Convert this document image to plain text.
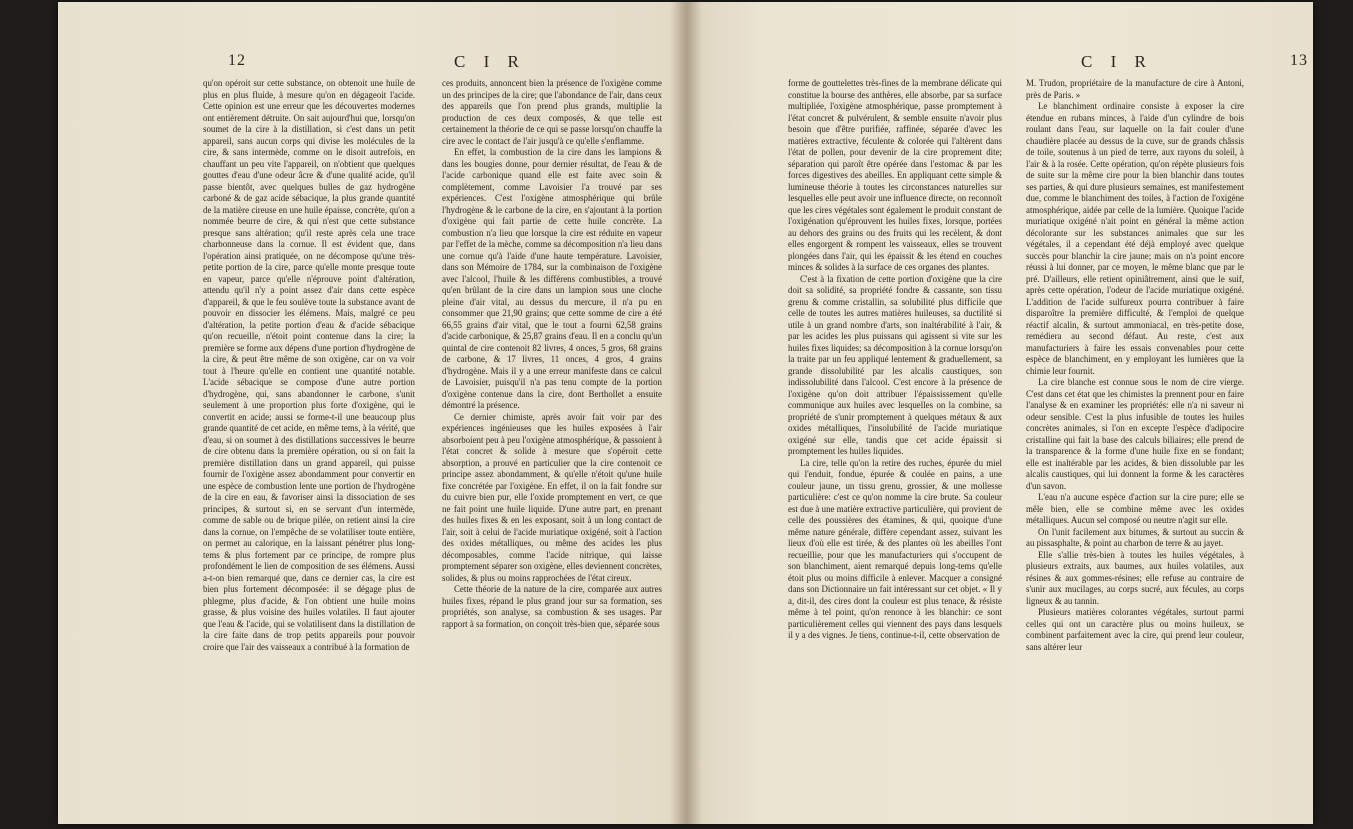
12	C I R

qu'on opéroit sur cette substance, on obtenoit une huile de plus en plus fluide, à mesure qu'on en dégageoit l'acide. Cette opinion est une erreur que les découvertes modernes ont entièrement détruite. On sait aujourd'hui que, lorsqu'on soumet de la cire à la distillation, si c'est dans un petit appareil, sans aucun corps qui divise les molécules de la cire, & sans intermède, comme on le disoit autrefois, en chauffant un peu vite l'appareil, on n'obtient que quelques gouttes d'eau d'une odeur âcre & d'une qualité acide, qu'il passe bientôt, avec quelques bulles de gaz hydrogène carboné & de gaz acide sébacique, la plus grande quantité de la matière cireuse en une huile épaisse, concrète, qu'on a nommée beurre de cire, & qui n'est que cette substance presque sans altération; qu'il reste après cela une trace charbonneuse dans la cornue. Il est évident que, dans l'opération ainsi pratiquée, on ne décompose qu'une très-petite portion de la cire, parce qu'elle monte presque toute en vapeur, parce qu'elle n'éprouve point d'altération, attendu qu'il n'y a point assez d'air dans cette espèce d'appareil, & que le feu soulève toute la substance avant de pouvoir en dissocier les élémens. Mais, malgré ce peu d'altération, la petite portion d'eau & d'acide sébacique qu'on recueille, n'étoit point contenue dans la cire; la première se forme aux dépens d'une portion d'hydrogène de la cire, & peut être même de son oxigène, car on va voir tout à l'heure qu'elle en contient une quantité notable. L'acide sébacique se compose d'une autre portion d'hydrogène, qui, sans abandonner le carbone, s'unit seulement à une proportion plus forte d'oxigène, qui le convertit en acide; aussi se forme-t-il une beaucoup plus grande quantité de cet acide, en même tems, à la vérité, que d'eau, si on soumet à des distillations successives le beurre de cire obtenu dans la première opération, ou si on fait la première distillation dans un grand appareil, qui puisse fournir de l'oxigène assez abondamment pour convertir en une espèce de combustion lente une portion de l'hydrogène de la cire en eau, & favoriser ainsi la dissociation de ses principes, & surtout si, en se servant d'un intermède, comme de sable ou de brique pilée, on retient ainsi la cire dans la cornue, on l'empêche de se volatiliser toute entière, on permet au calorique, en la laissant pénétrer plus long-tems & plus fortement par ce principe, de rompre plus profondément le lien de composition de ses élémens. Aussi a-t-on bien remarqué que, dans ce dernier cas, la cire est bien plus fortement décomposée: il se dégage plus de phlegme, plus d'acide, & l'on obtient une huile moins grasse, & plus voisine des huiles volatiles. Il faut ajouter que l'eau & l'acide, qui se volatilisent dans la distillation de la cire faite dans de trop petits appareils pour pouvoir croire que l'air des vaisseaux a contribué à la formation de

ces produits, annoncent bien la présence de l'oxigène comme un des principes de la cire; que l'abondance de l'air, dans ceux des appareils que l'on prend plus grands, multiplie la production de ces deux composés, & que telle est certainement la théorie de ce qui se passe lorsqu'on chauffe la cire avec le contact de l'air jusqu'à ce qu'elle s'enflamme.

En effet, la combustion de la cire dans les lampions & dans les bougies donne, pour dernier résultat, de l'eau & de l'acide carbonique quand elle est faite avec soin & complètement, comme Lavoisier l'a trouvé par ses expériences. C'est l'oxigène atmosphérique qui brûle l'hydrogène & le carbone de la cire, en s'ajoutant à la portion d'oxigène qui fait partie de cette huile concrète. La combustion n'a lieu que lorsque la cire est réduite en vapeur par l'effet de la mèche, comme sa décomposition n'a lieu dans une cornue qu'à l'aide d'une haute température. Lavoisier, dans son Mémoire de 1784, sur la combinaison de l'oxigène avec l'alcool, l'huile & les différens combustibles, a trouvé qu'en brûlant de la cire dans un lampion sous une cloche pleine d'air vital, au dessus du mercure, il n'a pu en consommer que 21,90 grains; que cette somme de cire a été 66,55 grains d'air vital, que le tout a fourni 62,58 grains d'acide carbonique, & 25,87 grains d'eau. Il en a conclu qu'un quintal de cire contenoit 82 livres, 4 onces, 5 gros, 68 grains de carbone, & 17 livres, 11 onces, 4 gros, 4 grains d'hydrogène. Mais il y a une erreur manifeste dans ce calcul de Lavoisier, puisqu'il n'a pas tenu compte de la portion d'oxigène contenue dans la cire, dont Berthollet a ensuite démontré la présence.

Ce dernier chimiste, après avoir fait voir par des expériences ingénieuses que les huiles exposées à l'air absorboient peu à peu l'oxigène atmosphérique, & passoient à l'état concret & solide à mesure que s'opéroit cette absorption, a prouvé en particulier que la cire contenoit ce principe assez abondamment, & qu'elle n'étoit qu'une huile fixe concrétée par l'oxigène. En effet, il on la fait fondre sur du cuivre bien pur, elle l'oxide promptement en vert, ce que ne fait point une huile liquide. D'une autre part, en prenant des huiles fixes & en les exposant, soit à un long contact de l'air, soit à celui de l'acide muriatique oxigéné, soit à l'action des oxides métalliques, ou même des acides les plus décomposables, comme l'acide nitrique, qui laisse promptement séparer son oxigène, elles deviennent concrètes, solides, & plus ou moins rapprochées de l'état cireux.

Cette théorie de la nature de la cire, comparée aux autres huiles fixes, répand le plus grand jour sur sa formation, ses propriétés, son analyse, sa combustion & ses usages. Par rapport à sa formation, on conçoit très-bien que, séparée sous

C I R	13

forme de gouttelettes très-fines de la membrane délicate qui constitue la bourse des anthères, elle absorbe, par sa surface multipliée, l'oxigène atmosphérique, passe promptement à l'état concret & pulvérulent, & semble ensuite n'avoir plus besoin que d'être purifiée, raffinée, séparée d'avec les matières extractive, féculente & colorée qui l'altèrent dans l'état de pollen, pour devenir de la cire proprement dite; séparation qui paroît être opérée dans l'estomac & par les forces digestives des abeilles. En appliquant cette simple & lumineuse théorie à toutes les circonstances naturelles sur lesquelles elle peut avoir une influence directe, on reconnoît que les cires végétales sont également le produit constant de l'oxigénation qu'éprouvent les huiles fixes, lorsque, portées au dehors des grains ou des fruits qui les recèlent, & dont elles engorgent & rompent les vaisseaux, elles se trouvent plongées dans l'air, qui les épaissit & les étend en couches minces & solides à la surface de ces organes des plantes.

C'est à la fixation de cette portion d'oxigène que la cire doit sa solidité, sa propriété fondre & cassante, son tissu grenu & comme cristallin, sa solubilité plus difficile que celle de toutes les autres matières huileuses, sa ductilité si utile à un grand nombre d'arts, son inaltérabilité à l'air, & par les acides les plus puissans qui agissent si vite sur les huiles fixes liquides; sa décomposition à la cornue lorsqu'on la traite par un feu appliqué lentement & graduellement, sa grande dissolubilité par les alcalis caustiques, son indissolubilité dans l'alcool. C'est encore à la présence de l'oxigène qu'on doit attribuer l'épaississement qu'elle communique aux huiles avec lesquelles on la combine, sa propriété de s'unir promptement à quelques métaux & aux oxides métalliques, l'insolubilité de l'acide muriatique oxigéné sur elle, tandis que cet acide épaissit si promptement les huiles liquides.

La cire, telle qu'on la retire des ruches, épurée du miel qui l'enduit, fondue, épurée & coulée en pains, a une couleur jaune, un tissu grenu, grossier, & une mollesse particulière: c'est ce qu'on nomme la cire brute. Sa couleur est due à une matière extractive particulière, qui provient de celle des poussières des étamines, & qui, quoique d'une même nature générale, diffère cependant assez, suivant les lieux d'où elle est tirée, & des plantes où les abeilles l'ont recueillie, pour que les manufacturiers qui s'occupent de son blanchiment, aient remarqué depuis long-tems qu'elle étoit plus ou moins difficile à enlever. Macquer a consigné dans son Dictionnaire un fait intéressant sur cet objet. « Il y a, dit-il, des cires dont la couleur est plus tenace, & résiste même à tel point, qu'on renonce à les blanchir: ce sont particulièrement celles qui viennent des pays dans lesquels il y a des vignes. Je tiens, continue-t-il, cette observation de

M. Trudon, propriétaire de la manufacture de cire à Antoni, près de Paris. »

Le blanchiment ordinaire consiste à exposer la cire étendue en rubans minces, à l'aide d'un cylindre de bois roulant dans l'eau, sur laquelle on la fait couler d'une chaudière placée au dessus de la cuve, sur de grands châssis de toile, soutenus à un pied de terre, aux rayons du soleil, à l'air & à la rosée. Cette opération, qu'on répète plusieurs fois de suite sur la même cire pour la bien blanchir dans toutes ses parties, & qui dure plusieurs semaines, est manifestement due, comme le blanchiment des toiles, à l'action de l'oxigène atmosphérique, aidée par celle de la lumière. Quoique l'acide muriatique oxigéné n'ait point en général la même action décolorante sur les substances animales que sur les végétales, il a cependant été déjà employé avec quelque succès pour blanchir la cire jaune; mais on n'a point encore réussi à lui donner, par ce moyen, le même blanc que par le pré. D'ailleurs, elle retient opiniâtrement, ainsi que le suif, après cette opération, l'odeur de l'acide muriatique oxigéné. L'addition de l'acide sulfureux pourra contribuer à faire disparoître la première difficulté, & l'emploi de quelque réactif alcalin, & surtout ammoniacal, en très-petite dose, remédiera au second défaut. Au reste, c'est aux manufacturiers à faire les essais convenables pour cette espèce de blanchiment, en y employant les lumières que la chimie leur fournit.

La cire blanche est connue sous le nom de cire vierge. C'est dans cet état que les chimistes la prennent pour en faire l'analyse & en examiner les propriétés: elle n'a ni saveur ni odeur sensible. C'est la plus infusible de toutes les huiles concrètes animales, si l'on en excepte l'espèce d'adipocire cristalline qui fait la base des calculs biliaires; elle prend de la transparence & la forme d'une huile fixe en se fondant; elle est inaltérable par les acides, & bien dissoluble par les alcalis caustiques, qui lui donnent la forme & les caractères d'un savon.

L'eau n'a aucune espèce d'action sur la cire pure; elle se mêle bien, elle se combine même avec les oxides métalliques. Aucun sel composé ou neutre n'agit sur elle.

On l'unit facilement aux bitumes, & surtout au succin & au pissasphalte, & point au charbon de terre & au jayet.

Elle s'allie très-bien à toutes les huiles végétales, à plusieurs extraits, aux baumes, aux huiles volatiles, aux résines & aux gommes-résines; elle refuse au contraire de s'unir aux mucilages, au corps sucré, aux fécules, au corps ligneux & au tannin.

Plusieurs matières colorantes végétales, surtout parmi celles qui ont un caractère plus ou moins huileux, se combinent parfaitement avec la cire, qui prend leur couleur, sans altérer leur
